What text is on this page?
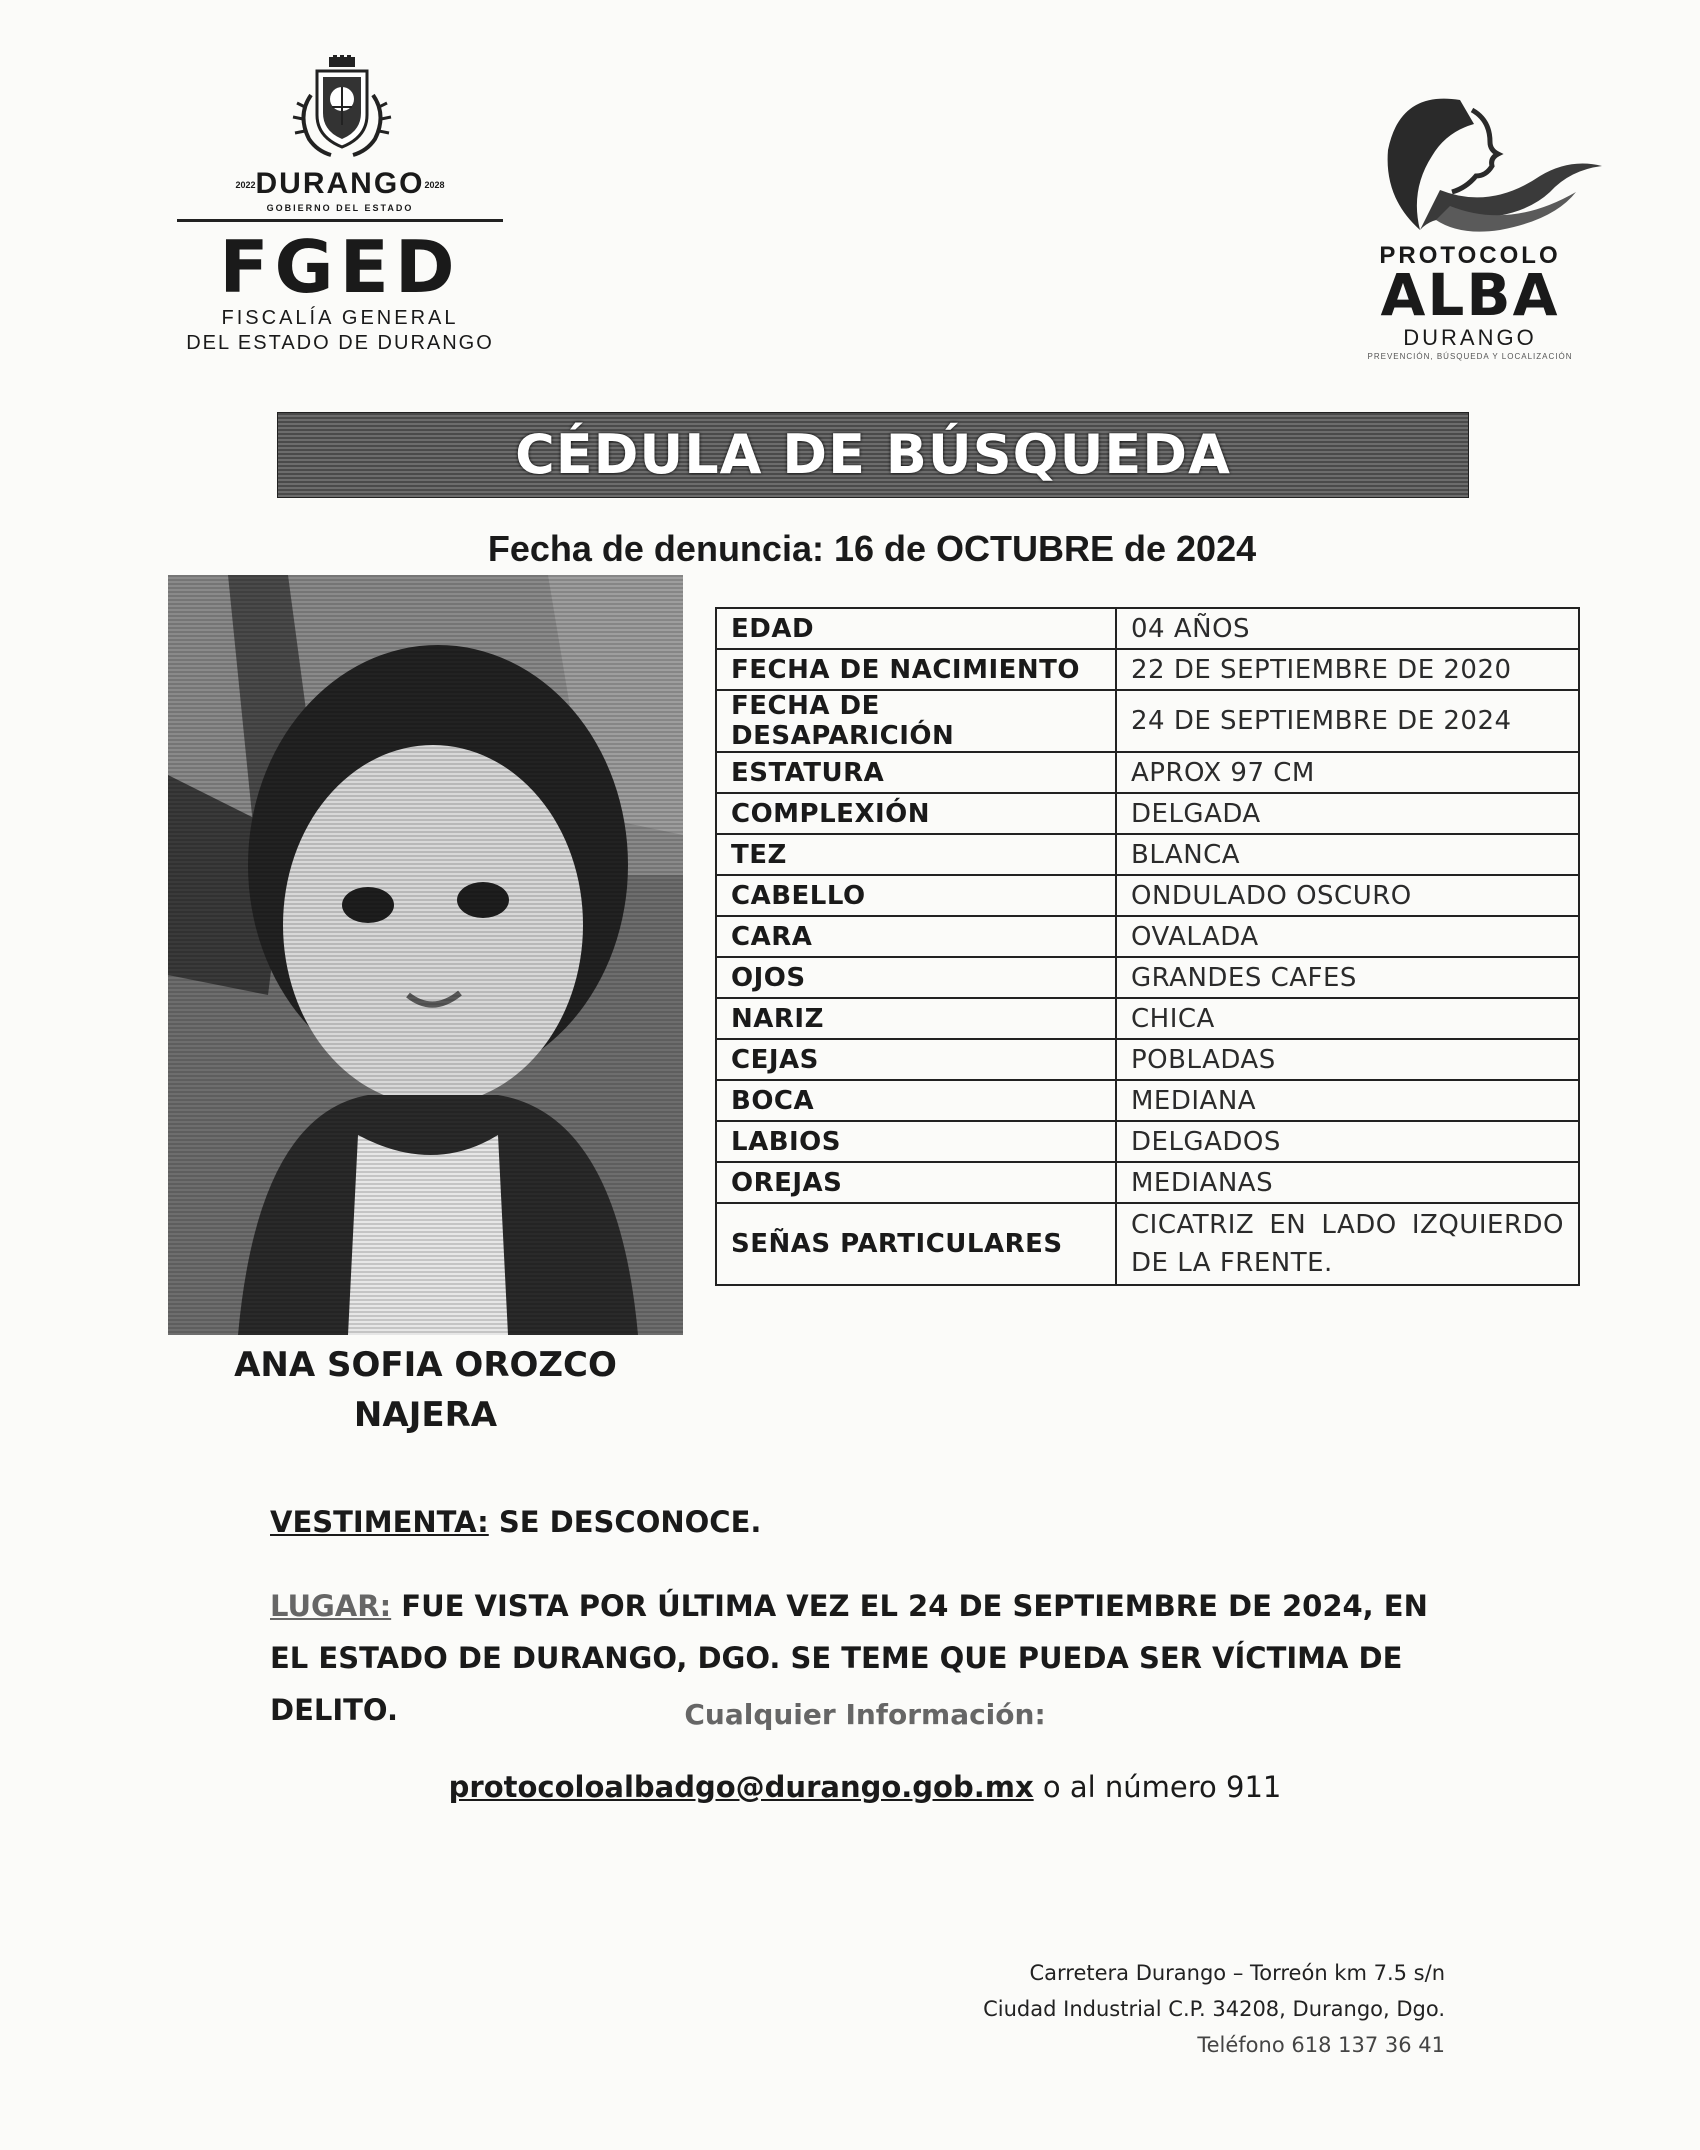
2022DURANGO2028
GOBIERNO DEL ESTADO
FGED
FISCALÍA GENERAL
DEL ESTADO DE DURANGO
PROTOCOLO
ALBA
DURANGO
PREVENCIÓN, BÚSQUEDA Y LOCALIZACIÓN
CÉDULA DE BÚSQUEDA
Fecha de denuncia: 16 de OCTUBRE de 2024
EDAD	04 AÑOS
FECHA DE NACIMIENTO	22 DE SEPTIEMBRE DE 2020
FECHA DE DESAPARICIÓN	24 DE SEPTIEMBRE DE 2024
ESTATURA	APROX 97 CM
COMPLEXIÓN	DELGADA
TEZ	BLANCA
CABELLO	ONDULADO OSCURO
CARA	OVALADA
OJOS	GRANDES CAFES
NARIZ	CHICA
CEJAS	POBLADAS
BOCA	MEDIANA
LABIOS	DELGADOS
OREJAS	MEDIANAS
SEÑAS PARTICULARES	CICATRIZ EN LADO IZQUIERDO DE LA FRENTE.
ANA SOFIA OROZCO
NAJERA
VESTIMENTA: SE DESCONOCE.
LUGAR: FUE VISTA POR ÚLTIMA VEZ EL 24 DE SEPTIEMBRE DE 2024, EN EL ESTADO DE DURANGO, DGO. SE TEME QUE PUEDA SER VÍCTIMA DE DELITO.	Cualquier Información:
protocoloalbadgo@durango.gob.mx o al número 911
Carretera Durango – Torreón km 7.5 s/n
Ciudad Industrial C.P. 34208, Durango, Dgo.
Teléfono 618 137 36 41
